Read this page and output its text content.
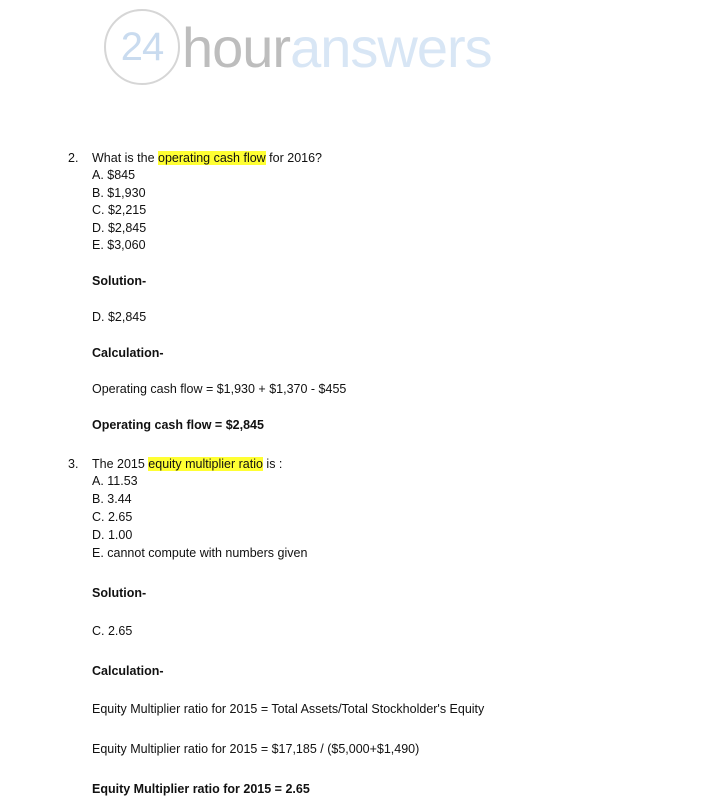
24 hour answers
2. What is the operating cash flow for 2016?
A. $845
B. $1,930
C. $2,215
D. $2,845
E. $3,060
Solution-
D. $2,845
Calculation-
Operating cash flow = $1,930 + $1,370 - $455
Operating cash flow = $2,845
3. The 2015 equity multiplier ratio is :
A. 11.53
B. 3.44
C. 2.65
D. 1.00
E. cannot compute with numbers given
Solution-
C. 2.65
Calculation-
Equity Multiplier ratio for 2015 = Total Assets/Total Stockholder's Equity
Equity Multiplier ratio for 2015 = $17,185 / ($5,000+$1,490)
Equity Multiplier ratio for 2015 = 2.65
